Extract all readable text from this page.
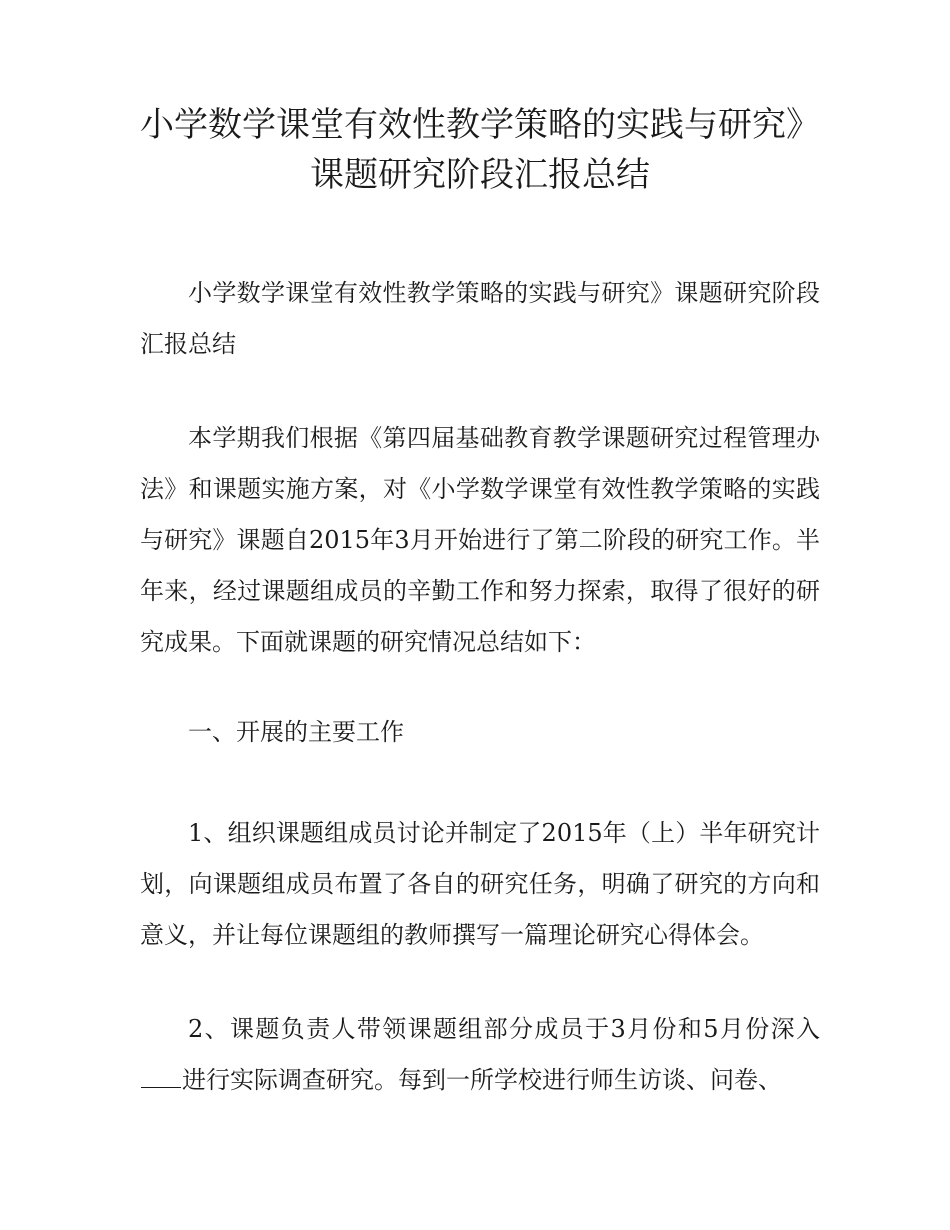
小学数学课堂有效性教学策略的实践与研究》课题研究阶段汇报总结

小学数学课堂有效性教学策略的实践与研究》课题研究阶段汇报总结

本学期我们根据《第四届基础教育教学课题研究过程管理办法》和课题实施方案，对《小学数学课堂有效性教学策略的实践与研究》课题自2015年3月开始进行了第二阶段的研究工作。半年来，经过课题组成员的辛勤工作和努力探索，取得了很好的研究成果。下面就课题的研究情况总结如下：

一、开展的主要工作

1、组织课题组成员讨论并制定了2015年（上）半年研究计划，向课题组成员布置了各自的研究任务，明确了研究的方向和意义，并让每位课题组的教师撰写一篇理论研究心得体会。

2、课题负责人带领课题组部分成员于3月份和5月份深入进行实际调查研究。每到一所学校进行师生访谈、问卷、
